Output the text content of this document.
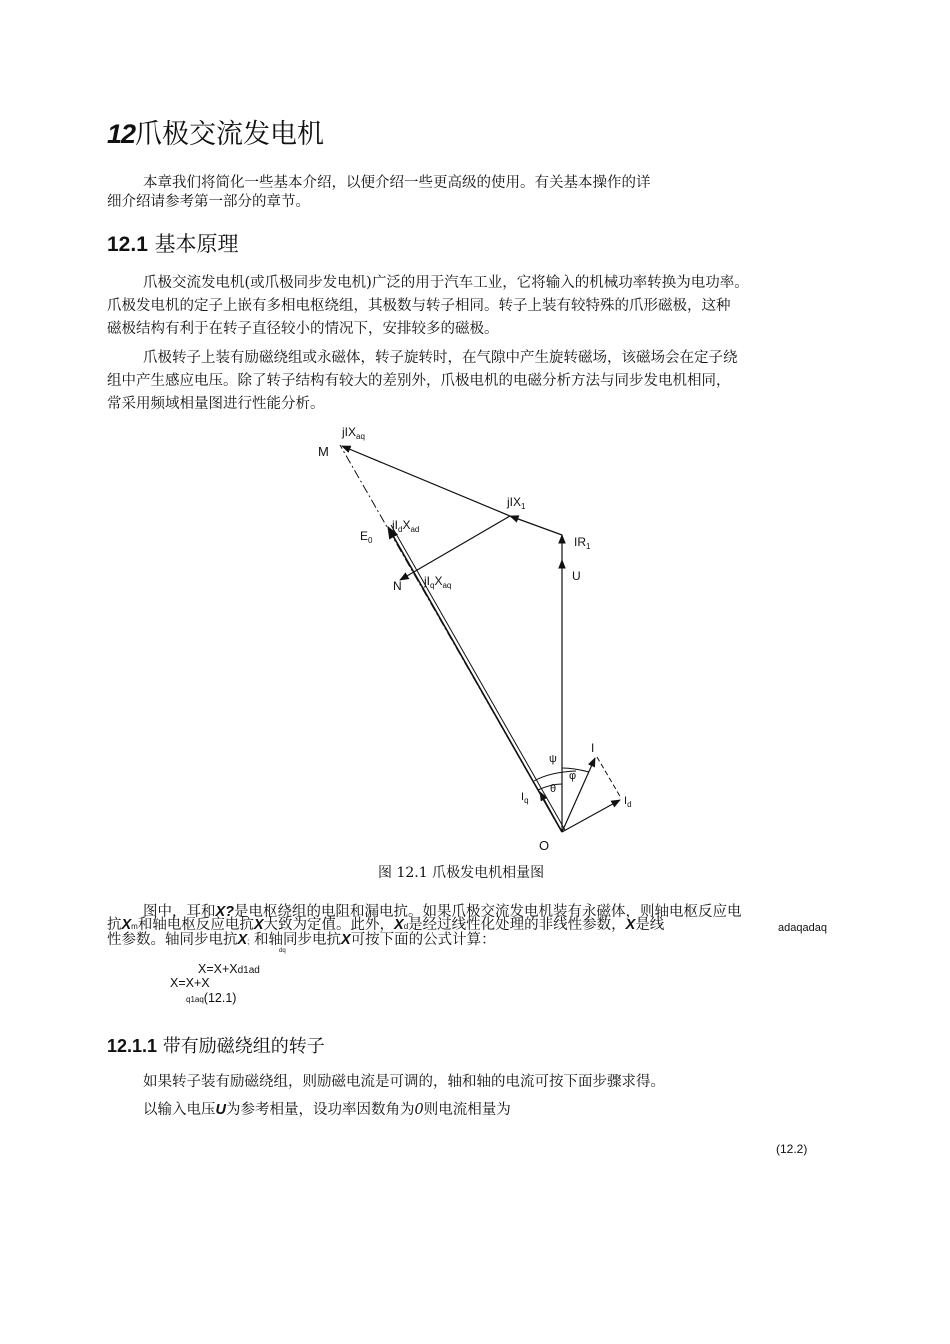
12爪极交流发电机
本章我们将简化一些基本介绍，以便介绍一些更高级的使用。有关基本操作的详
细介绍请参考第一部分的章节。
12.1 基本原理
爪极交流发电机(或爪极同步发电机)广泛的用于汽车工业，它将输入的机械功率转换为电功率。
爪极发电机的定子上嵌有多相电枢绕组，其极数与转子相同。转子上装有较特殊的爪形磁极，这种
磁极结构有利于在转子直径较小的情况下，安排较多的磁极。
爪极转子上装有励磁绕组或永磁体，转子旋转时，在气隙中产生旋转磁场，该磁场会在定子绕
组中产生感应电压。除了转子结构有较大的差别外，爪极电机的电磁分析方法与同步发电机相同，
常采用频域相量图进行性能分析。
M
jIX$_{aq}$
jIX$_1$
$E_0$
$jI_dX_{ad}$
$IR_1$
U
N $jI_qX_{aq}$
ψ
I
φ
θ
$I_q$	$I_d$
O
图 12.1 爪极发电机相量图
图中，耳和X?是电枢绕组的电阻和漏电抗。如果爪极交流发电机装有永磁体，则轴电枢反应电
抗Xm和轴电枢反应电抗X大致为定值。此外，Xd是经过线性化处理的非线性参数，X是线	adaqadaq
性参数。轴同步电抗X; 和轴同步电抗X可按下面的公式计算：
dq
X=X+Xd1ad
X=X+X
q1aq(12.1)
12.1.1 带有励磁绕组的转子
如果转子装有励磁绕组，则励磁电流是可调的，轴和轴的电流可按下面步骤求得。
以输入电压U为参考相量，设功率因数角为0则电流相量为
(12.2)
